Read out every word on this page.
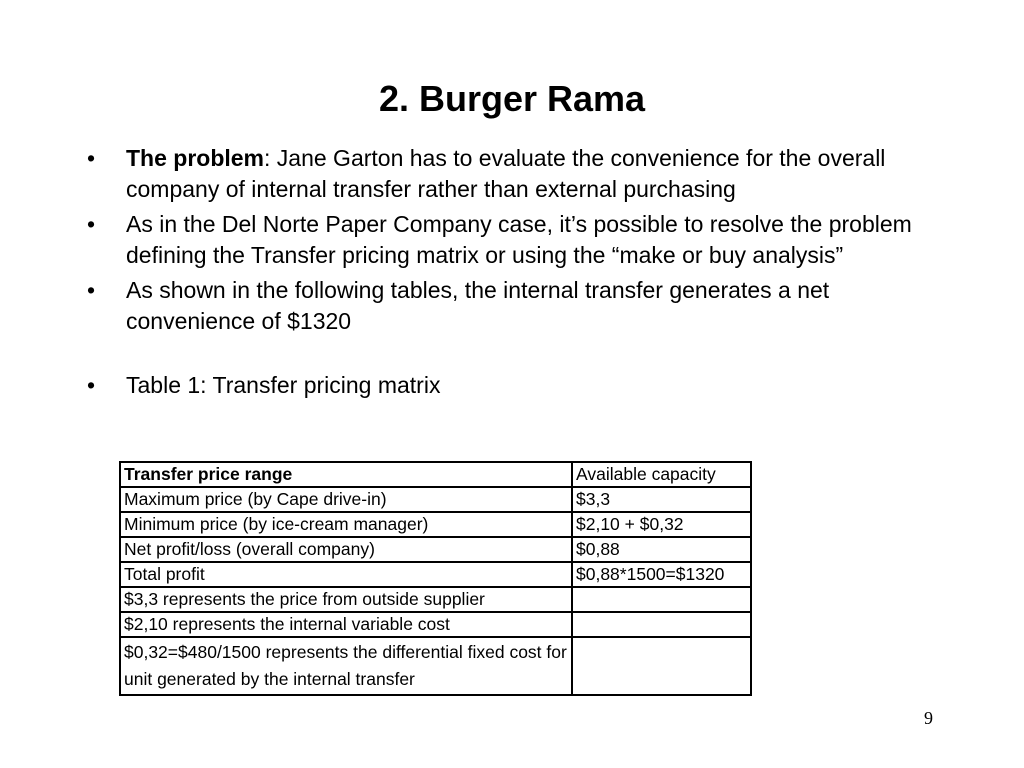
2. Burger Rama
• The problem: Jane Garton has to evaluate the convenience for the overall company of internal transfer rather than external purchasing
• As in the Del Norte Paper Company case, it’s possible to resolve the problem defining the Transfer pricing matrix or using the “make or buy analysis”
• As shown in the following tables, the internal transfer generates a net convenience of $1320
• Table 1: Transfer pricing matrix
Transfer price range	Available capacity
Maximum price (by Cape drive-in)	$3,3
Minimum price (by ice-cream manager)	$2,10 + $0,32
Net profit/loss (overall company)	$0,88
Total profit	$0,88*1500=$1320
$3,3 represents the price from outside supplier	
$2,10 represents the internal variable cost	
$0,32=$480/1500 represents the differential fixed cost for unit generated by the internal transfer	
9
